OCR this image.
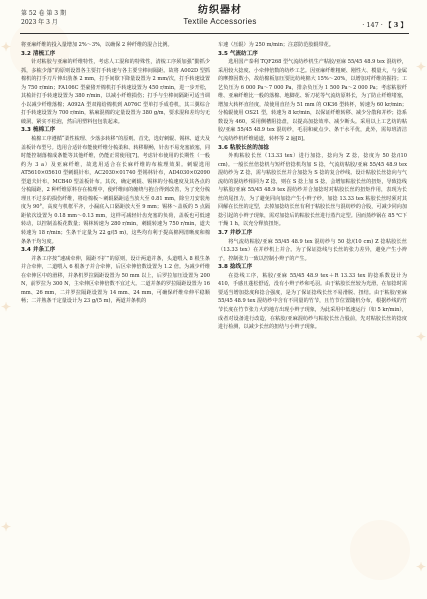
✦
✦
✦
✦
✦
✦
第 52 卷 第 3 期
2023 年 3 月
纺织器材
Textile Accessories	· 147 · 【 3 】

将亚麻纤维的投入量增加 2%～3%，以确保 2 种纤维的混合比例。

3.2 清梳工序

针对粘胶与亚麻的纤维特性，考虑人工混和的特殊性，清梳工序须加强“勤抓少抓，多梳少落”的原则设置各主要打手转速与各主要尘棒间隔距。故将 A002D 型抓棉机的打手刀片伸出肋条 2 mm，打手间歇下降量设置为 2 mm/次，打手转速设置为 750 r/min；FA106C 型豪猪开棉机打手转速设置为 450 r/min，进一步开松，其梳针打手转速设置为 380 r/min，以减小纤维损伤；打手与尘棒间隔距可适当调小以减少纤维落棉；A092A 型双箱给棉机到 A076C 型单打手成卷机，其三翼综合打手转速设置为 700 r/min，粘麻混棉的定量设置为 380 g/m，要求混和差均匀无破洞，紧实不松泡，然后用塑料包包装起来。

3.3 梳棉工序

梳棉工序遵循“柔性梳理、少落多转移”的原则。首先，选好刺辊、锡林、道夫及盖板针布型号。选用合适针布能使纤维分梳柔和、转移顺畅，针齿不易充塞嵌塞，同时能控制落棉成条能等其他纤维，仍能正常使用[7]。考虑针布使用的长期性（一般约为 3 a）及亚麻纤维，故选用适合在长麻纤维的布梳理效果。刺辊选用 AT5610×05610 型刺辊针布，AC2030×01740 型锡林针布，AD4030×02090 型道夫针布，MCB40 型盖板针布。其次，确定刺辊、锡林的分梳速度及其各点的分梳隔距，2 种纤维原料存在梳理中，使纤维间的缠绕与抱合得到改善，为了充分梳理且不过多的损伤纤维，将给棉板～刺辊隔距适当放大至 0.81 mm，除尘刀安装角度为 90°，高度与机框平齐，小漏底入口隔距放大至 9 mm；锡林～盖板的 5 点隔距依次设置为 0.18 mm～0.13 mm，这样可减轻针齿充塞的负荷，盖板也可低速转动，以控制盖板花数量；锡林转速为 280 r/min，刺辊转速为 750 r/min，道夫转速为 18 r/min；生条干定量为 22 g/(5 m)，这些均有利于提高棉网清晰度和棉条条干均匀度。

3.4 并条工序

并条工序按“速减牵伸，隔距不扩”的原则，设计两道并条，头道喂入 8 根生条并合牵伸，二道喂入 6 根条子并合牵伸，后区牵伸倍数设置为 1.2 倍。为减少纤维在牵伸区中的滑移，并条机罗拉隔距设置为 50 mm 以上，后罗拉加压设置为 200 N，前罗拉为 300 N，主牵伸区牵伸倍数不宜过大。二道并条的罗拉隔距设置为 16 mm、26 mm，二并罗拉隔距设置为 14 mm、24 mm，可确保纤维牵伸平稳顺畅；二并熟条干定量设计为 23 g/(5 m)，两道并条机的

车速（压辊）为 250 m/min；注意防范胶辊带花。

3.5 气流纺工序

选用国产泰利 TQF268 型气流纺纱机生产粘胶/亚麻 55/45 48.9 tex 混纺纱，采用较大捻度、小牵伸倍数的纺纱工艺。因亚麻纤维粗硬、刚性大、模量大，与金属的摩擦因数小，故给棉板加压要比纺纯棉大 15%～20%，以增加对纤维的握持；工艺负压为 6 000 Pa～7 000 Pa，排杂负压为 1 500 Pa～2 000 Pa；考虑粘胶纤维、亚麻纤维比一般的落棉、地脚花、斩刀花等气流纺原料长，为了防止纤维堵塞，增加大转杯直径度，故使用直径为 51 mm 的 OK36 型转杯，转速为 60 kr/min；分梳辊使用 OS21 型，转速为 8 kr/min，以保证纤维转移、减少分散和并纱；捻系数设为 460，采用侧槽阻捻盘，以提高加捻效率、减少断头。采用以上工艺纺的粘胶/亚麻 55/45 48.9 tex 混纺纱，毛羽和疵点少、条干水平优，此外，需每班清洁气流纺纱机纤维通道，转杯等 2 遍[8]。

3.6 粘胶长丝的加捻

外购粘胶长丝（13.33 tex）进行加捻，捻向为 Z 捻，捻度为 50 捻/(10 cm)。一般长丝倍捻机与短纤倍捻机均加 S 捻，气流纺粘胶/亚麻 55/45 48.9 tex 混纺纱为 Z 捻，需与粘胶长丝并合加捻为 S 捻的复合纱线。设计粘胶长丝捻向与气流纺的混纺纱相同为 Z 捻，则在 S 捻上加 S 捻，会增加粘胶长丝的扭矩，导致捻线与粘胶/亚麻 55/45 48.9 tex 混纺纱并合加捻时对粘胶长丝的扭矩作用，表现为长丝的尾扭力，为了避免同向加捻产生小辫子纱，加捻 13.33 tex 粘胶长丝时须对其回解在长丝的定型，去掉加捻纺长丝有利于粘胶长丝与混纺纱的合股，可减少同向加捻引起的小辫子现象，需对加捻后的粘胶长丝进行蒸汽定型。因而蒸纱锅在 85 ℃下干燥 1 h，以充分释放扭矩。

3.7 并纱工序

将气流纺粘胶/亚麻 55/45 48.9 tex 混纺纱与 50 捻/(10 cm) Z 捻粘胶长丝（13.33 tex）在并纱机上并合。为了保证捻线与长丝的张力差异，避免产生小辫子，控制张力一致以控制小辫子的产生。

3.8 捻线工序

在捻线工序，粘胶/亚麻 55/45 48.9 tex＋R 13.33 tex 的捻系数设计为 410，手感且蓬松舒适，没有小辫子纱和毛羽。由于粘胶长丝较为光滑，在加捻时需要适当增加捻度和捻合强度，是为了保证捻线长丝不易滑脱、扭结。由于粘胶/亚麻 55/45 48.9 tex 混纺纱中含有不同量的竹节，且竹节位置随机分布，根据纱线的竹节长度在竹节张力大的地方出现小辫子现象，为此采用中低速运行（如 5 kr/min），成者对设备进行改造，在粘胶/亚麻混纺纱与粘胶长丝合股前，先对粘胶长丝的捻度进行检测，以减少长丝的扭结与小辫子现象。
